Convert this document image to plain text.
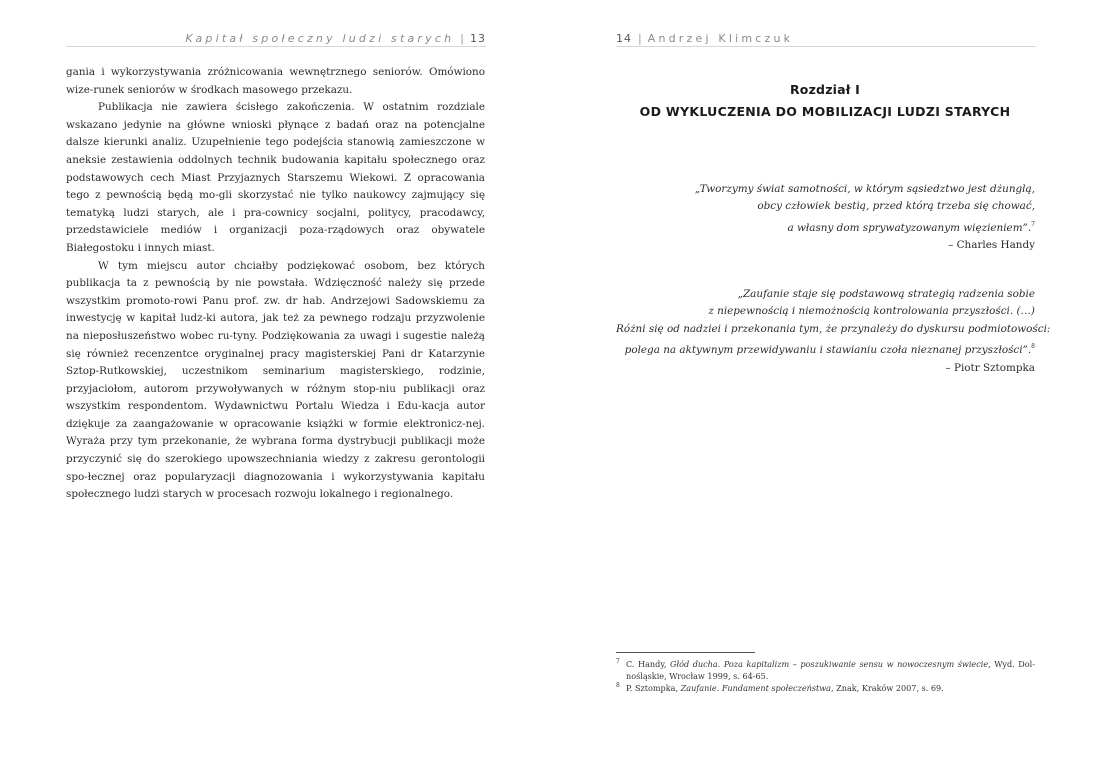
Kapitał społeczny ludzi starych | 13

gania i wykorzystywania zróżnicowania wewnętrznego seniorów. Omówiono wize-runek seniorów w środkach masowego przekazu.

Publikacja nie zawiera ścisłego zakończenia. W ostatnim rozdziale wskazano jedynie na główne wnioski płynące z badań oraz na potencjalne dalsze kierunki analiz. Uzupełnienie tego podejścia stanowią zamieszczone w aneksie zestawienia oddolnych technik budowania kapitału społecznego oraz podstawowych cech Miast Przyjaznych Starszemu Wiekowi. Z opracowania tego z pewnością będą mo-gli skorzystać nie tylko naukowcy zajmujący się tematyką ludzi starych, ale i pra-cownicy socjalni, politycy, pracodawcy, przedstawiciele mediów i organizacji poza-rządowych oraz obywatele Białegostoku i innych miast.

W tym miejscu autor chciałby podziękować osobom, bez których publikacja ta z pewnością by nie powstała. Wdzięczność należy się przede wszystkim promoto-rowi Panu prof. zw. dr hab. Andrzejowi Sadowskiemu za inwestycję w kapitał ludz-ki autora, jak też za pewnego rodzaju przyzwolenie na nieposłuszeństwo wobec ru-tyny. Podziękowania za uwagi i sugestie należą się również recenzentce oryginalnej pracy magisterskiej Pani dr Katarzynie Sztop-Rutkowskiej, uczestnikom seminarium magisterskiego, rodzinie, przyjaciołom, autorom przywoływanych w różnym stop-niu publikacji oraz wszystkim respondentom. Wydawnictwu Portalu Wiedza i Edu-kacja autor dziękuje za zaangażowanie w opracowanie książki w formie elektronicz-nej. Wyraża przy tym przekonanie, że wybrana forma dystrybucji publikacji może przyczynić się do szerokiego upowszechniania wiedzy z zakresu gerontologii spo-łecznej oraz popularyzacji diagnozowania i wykorzystywania kapitału społecznego ludzi starych w procesach rozwoju lokalnego i regionalnego.

14 | Andrzej Klimczuk
Rozdział I
OD WYKLUCZENIA DO MOBILIZACJI LUDZI STARYCH
„Tworzymy świat samotności, w którym sąsiedztwo jest dżunglą,
obcy człowiek bestią, przed którą trzeba się chować,
a własny dom sprywatyzowanym więzieniem”.$^7$
– Charles Handy
„Zaufanie staje się podstawową strategią radzenia sobie
z niepewnością i niemożnością kontrolowania przyszłości. (…)
Różni się od nadziei i przekonania tym, że przynależy do dyskursu podmiotowości:
polega na aktywnym przewidywaniu i stawianiu czoła nieznanej przyszłości”.$^8$
– Piotr Sztompka
7 C. Handy, Głód ducha. Poza kapitalizm – poszukiwanie sensu w nowoczesnym świecie, Wyd. Dol-nośląskie, Wrocław 1999, s. 64-65.
8 P. Sztompka, Zaufanie. Fundament społeczeństwa, Znak, Kraków 2007, s. 69.
